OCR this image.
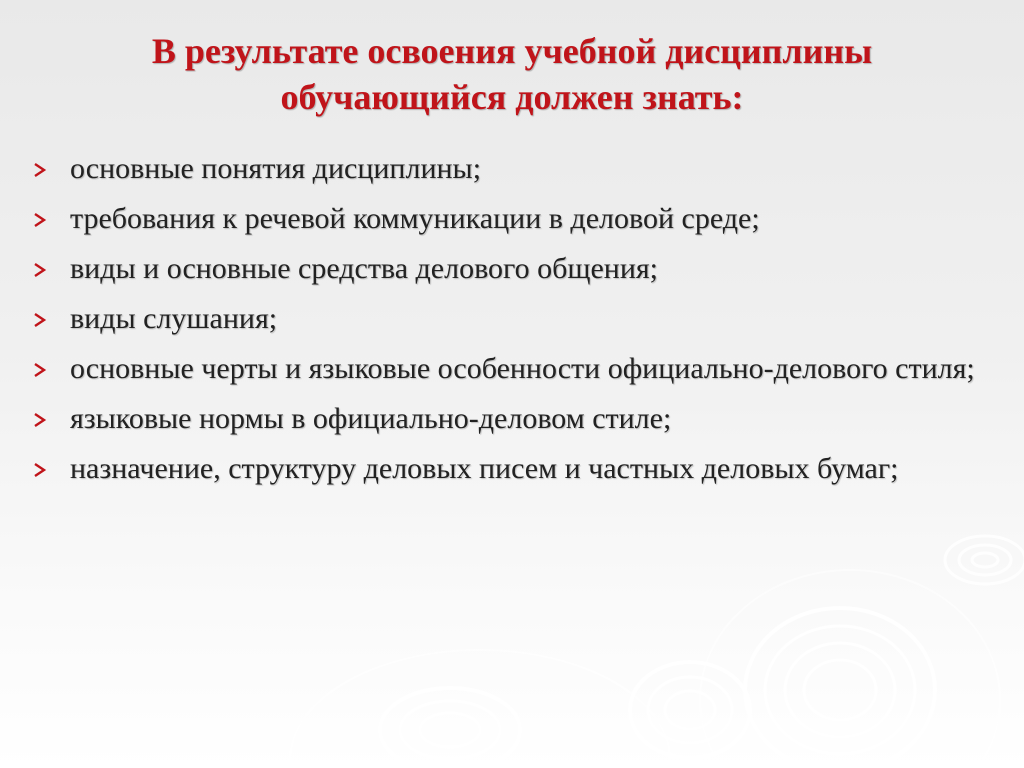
В результате освоения учебной дисциплины
обучающийся должен знать:
основные понятия дисциплины;
требования к речевой коммуникации в деловой среде;
виды и основные средства делового общения;
виды слушания;
основные черты и языковые особенности официально-делового стиля;
языковые нормы в официально-деловом стиле;
назначение, структуру деловых писем и частных деловых бумаг;
